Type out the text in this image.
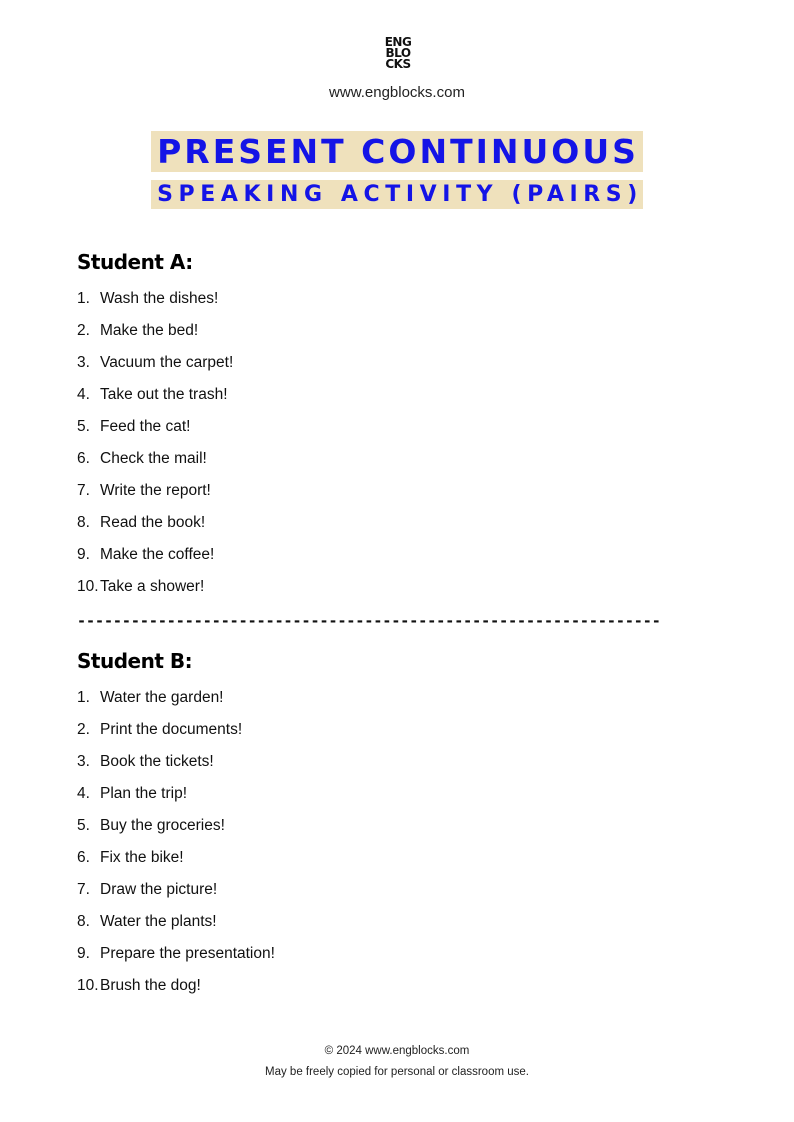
ENG
BLO
CKS
www.engblocks.com
PRESENT CONTINUOUS
SPEAKING ACTIVITY (PAIRS)
Student A:
1. Wash the dishes!
2. Make the bed!
3. Vacuum the carpet!
4. Take out the trash!
5. Feed the cat!
6. Check the mail!
7. Write the report!
8. Read the book!
9. Make the coffee!
10.Take a shower!
-----------------------------------------------------------------
Student B:
1. Water the garden!
2. Print the documents!
3. Book the tickets!
4. Plan the trip!
5. Buy the groceries!
6. Fix the bike!
7. Draw the picture!
8. Water the plants!
9. Prepare the presentation!
10.Brush the dog!
© 2024 www.engblocks.com
May be freely copied for personal or classroom use.
